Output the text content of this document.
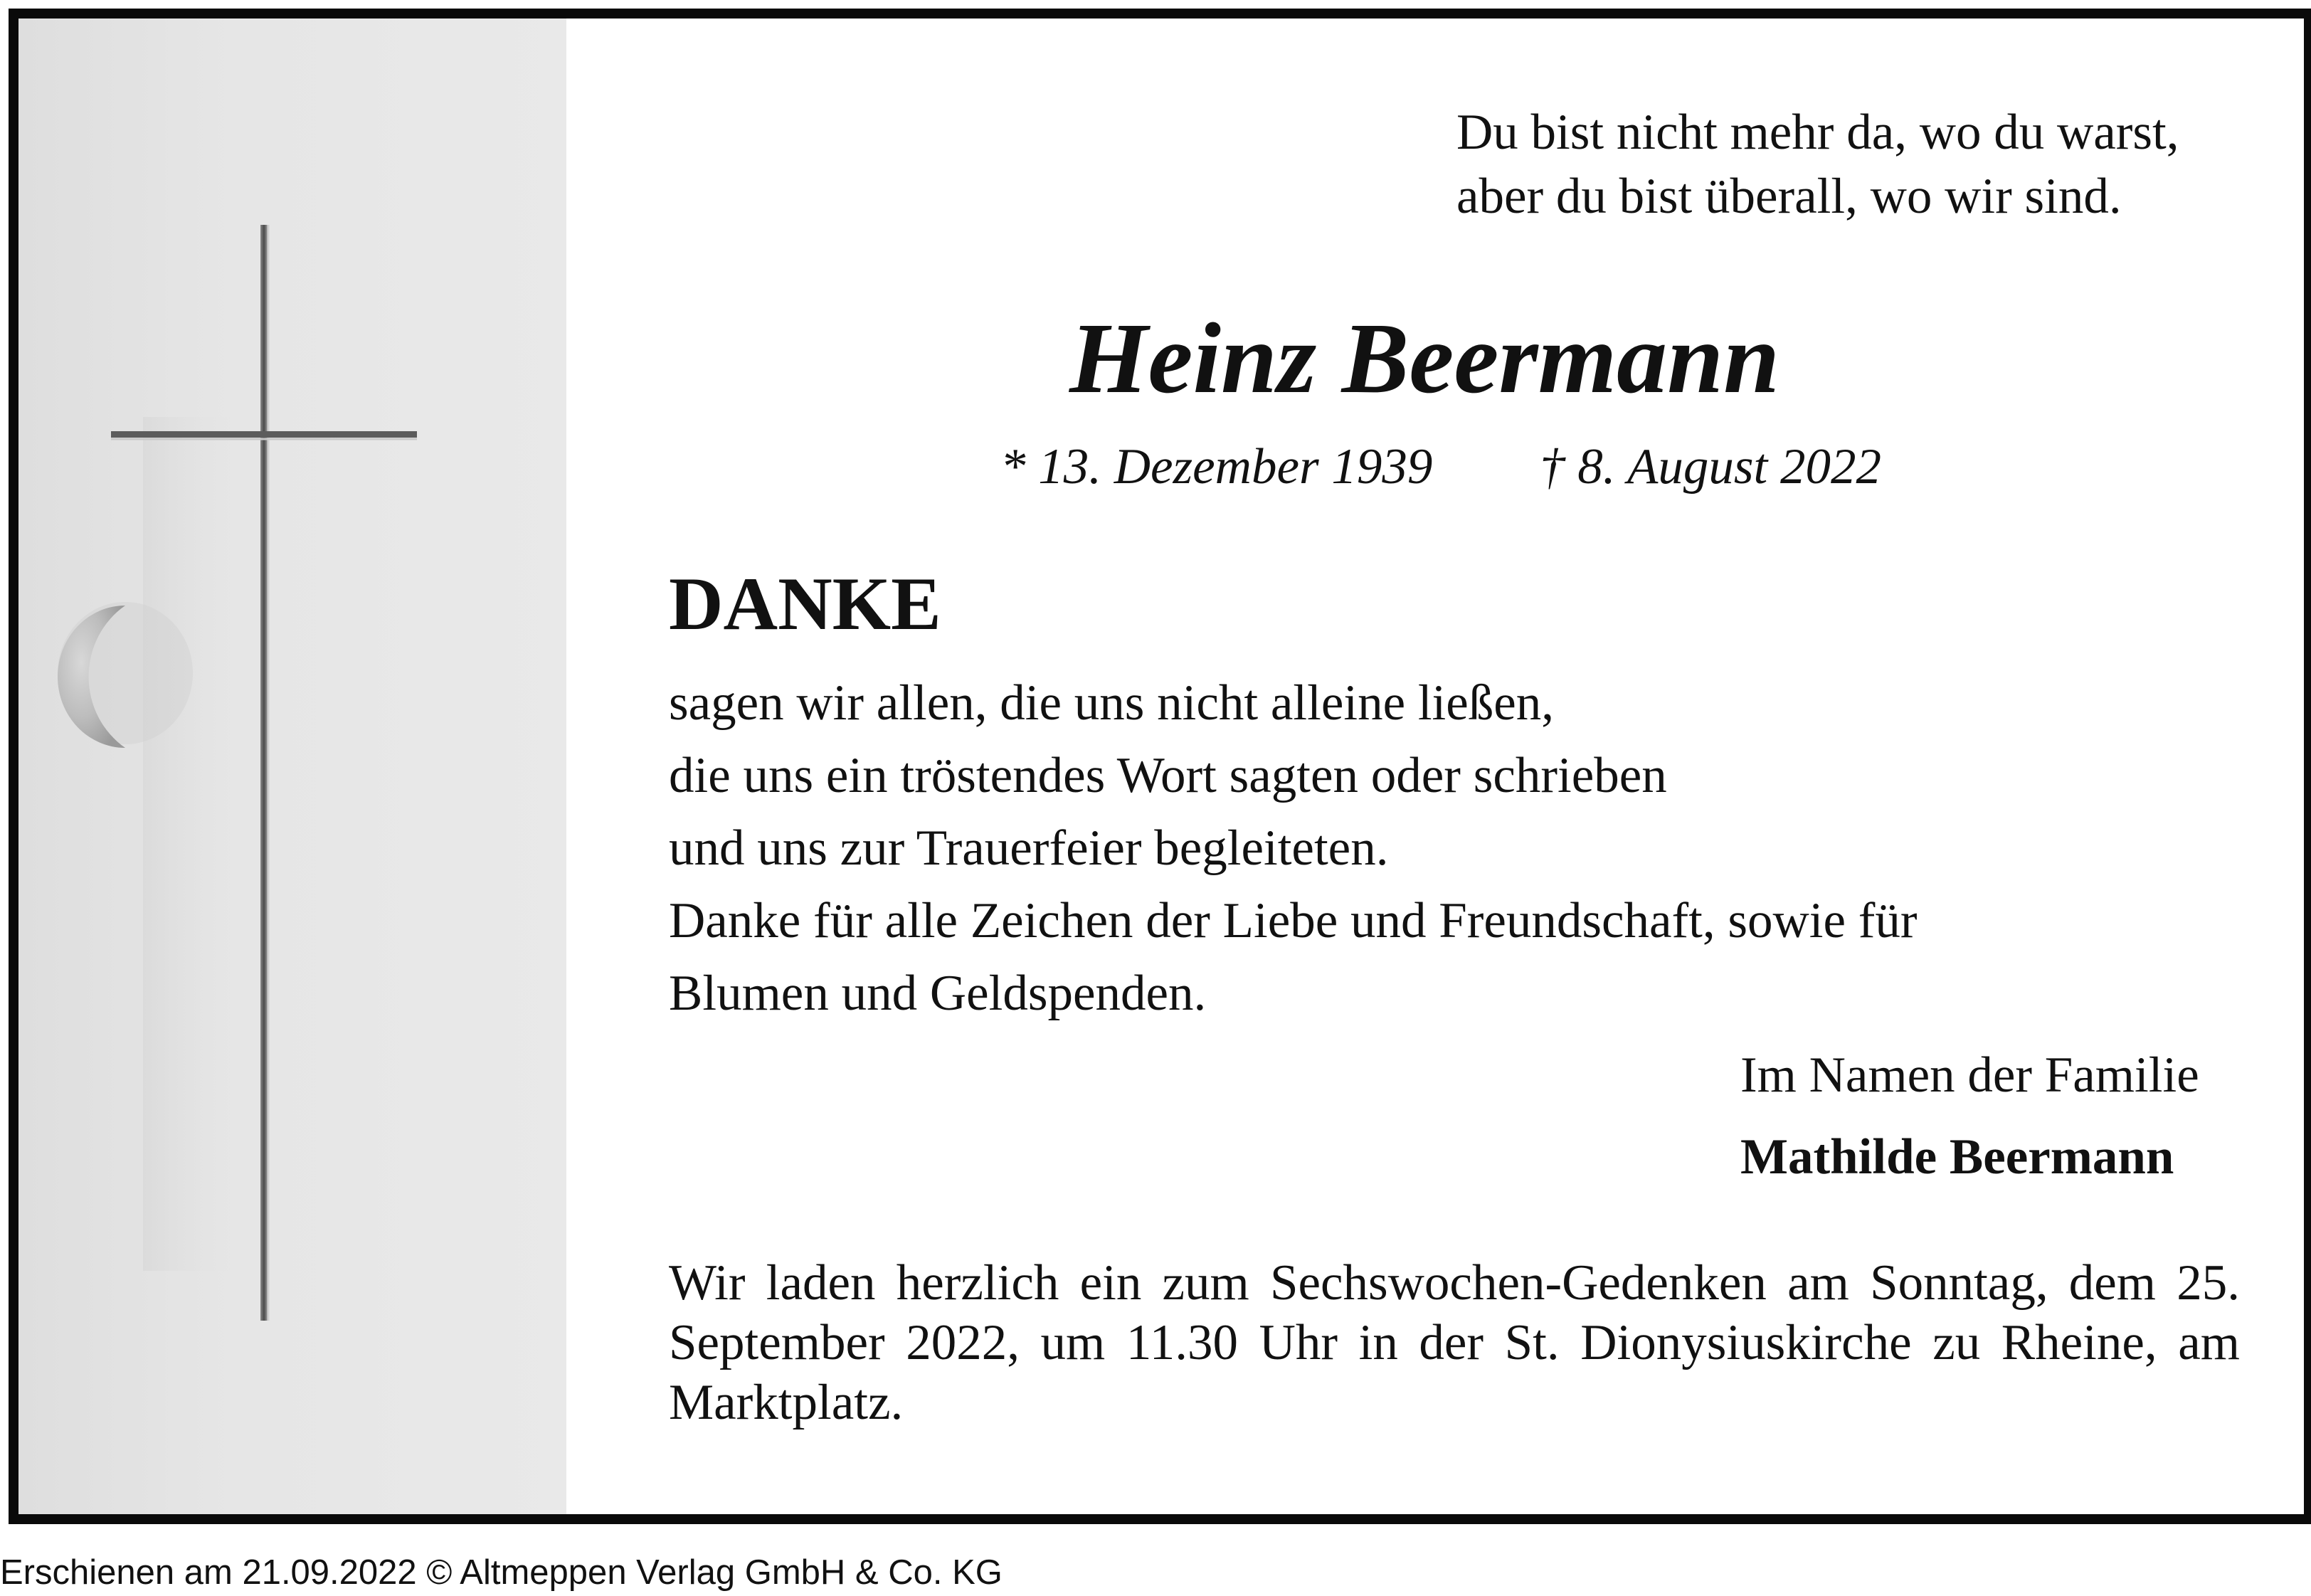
Du bist nicht mehr da, wo du warst,
aber du bist überall, wo wir sind.
Heinz Beermann
* 13. Dezember 1939 † 8. August 2022
DANKE
sagen wir allen, die uns nicht alleine ließen,
die uns ein tröstendes Wort sagten oder schrieben
und uns zur Trauerfeier begleiteten.
Danke für alle Zeichen der Liebe und Freundschaft, sowie für
Blumen und Geldspenden.
Im Namen der Familie
Mathilde Beermann
Wir laden herzlich ein zum Sechswochen-Gedenken am Sonntag, dem 25. September 2022, um 11.30 Uhr in der St. Dionysiuskirche zu Rheine, am Marktplatz.
Erschienen am 21.09.2022 © Altmeppen Verlag GmbH & Co. KG
